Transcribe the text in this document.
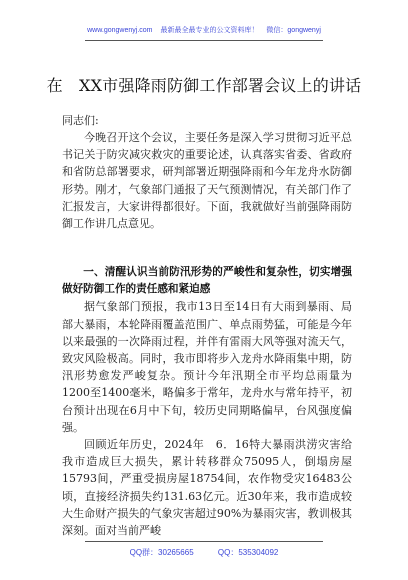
www.gongwenyj.com 最新最全最专业的公文资料库！ 微信：gongwenyj
在　XX市强降雨防御工作部署会议上的讲话

同志们:

今晚召开这个会议，主要任务是深入学习贯彻习近平总书记关于防灾减灾救灾的重要论述，认真落实省委、省政府和省防总部署要求，研判部署近期强降雨和今年龙舟水防御形势。刚才，气象部门通报了天气预测情况，有关部门作了汇报发言，大家讲得都很好。下面，我就做好当前强降雨防御工作讲几点意见。

一、清醒认识当前防汛形势的严峻性和复杂性，切实增强做好防御工作的责任感和紧迫感

据气象部门预报，我市13日至14日有大雨到暴雨、局部大暴雨，本轮降雨覆盖范围广、单点雨势猛，可能是今年以来最强的一次降雨过程，并伴有雷雨大风等强对流天气，致灾风险极高。同时，我市即将步入龙舟水降雨集中期，防汛形势愈发严峻复杂。预计今年汛期全市平均总雨量为1200至1400毫米，略偏多于常年，龙舟水与常年持平，初台预计出现在6月中下旬，较历史同期略偏早，台风强度偏强。

回顾近年历史，2024年　6．16特大暴雨洪涝灾害给我市造成巨大损失，累计转移群众75095人，倒塌房屋15793间，严重受损房屋18754间，农作物受灾16483公顷，直接经济损失约131.63亿元。近30年来，我市造成较大生命财产损失的气象灾害超过90%为暴雨灾害，教训极其深刻。面对当前严峻

QQ群：30265665	QQ：535304092
